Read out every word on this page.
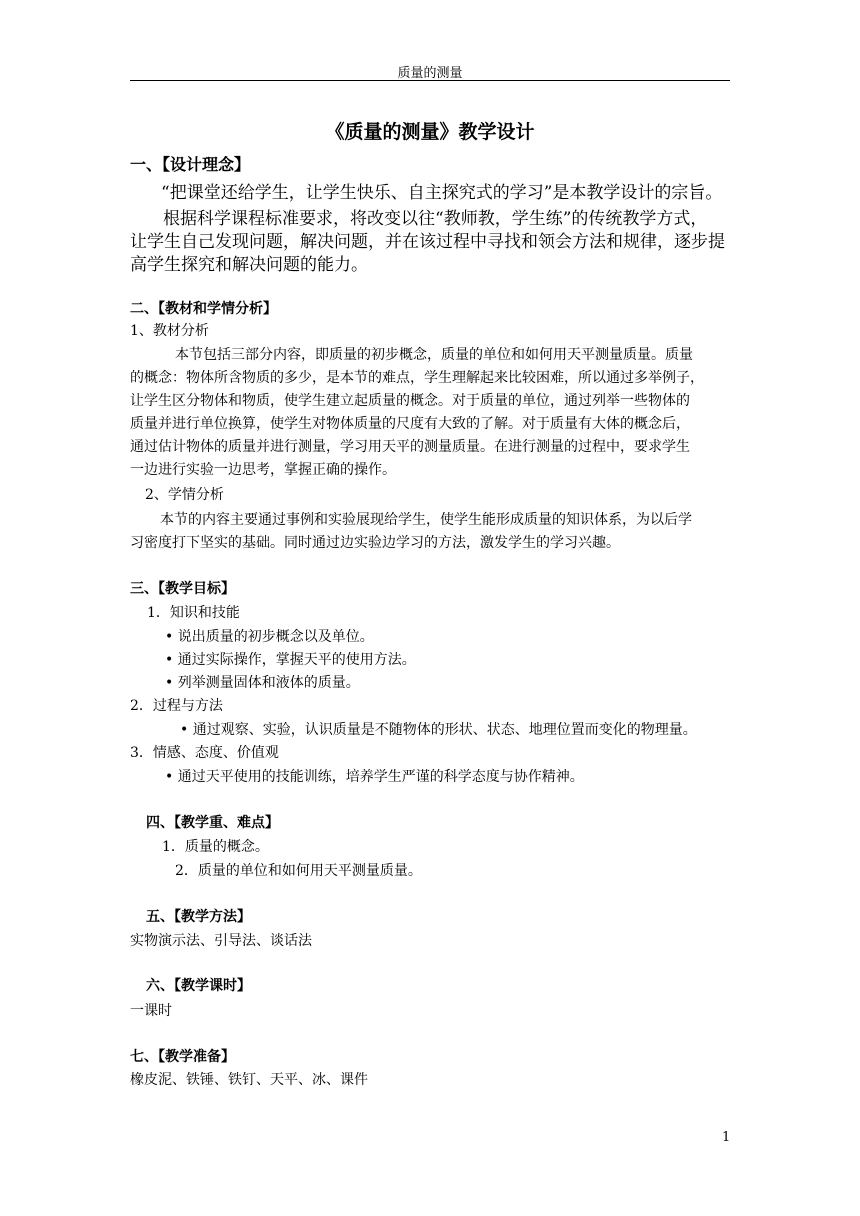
质量的测量
《质量的测量》教学设计
一、【设计理念】
“把课堂还给学生，让学生快乐、自主探究式的学习”是本教学设计的宗旨。
根据科学课程标准要求，将改变以往“教师教，学生练”的传统教学方式，
让学生自己发现问题，解决问题，并在该过程中寻找和领会方法和规律，逐步提
高学生探究和解决问题的能力。
二、【教材和学情分析】
1、教材分析
本节包括三部分内容，即质量的初步概念，质量的单位和如何用天平测量质量。质量
的概念：物体所含物质的多少，是本节的难点，学生理解起来比较困难，所以通过多举例子，
让学生区分物体和物质，使学生建立起质量的概念。对于质量的单位，通过列举一些物体的
质量并进行单位换算，使学生对物体质量的尺度有大致的了解。对于质量有大体的概念后，
通过估计物体的质量并进行测量，学习用天平的测量质量。在进行测量的过程中，要求学生
一边进行实验一边思考，掌握正确的操作。
2、学情分析
本节的内容主要通过事例和实验展现给学生，使学生能形成质量的知识体系，为以后学
习密度打下坚实的基础。同时通过边实验边学习的方法，激发学生的学习兴趣。
三、【教学目标】
1．知识和技能
• 说出质量的初步概念以及单位。
• 通过实际操作，掌握天平的使用方法。
• 列举测量固体和液体的质量。
2．过程与方法
• 通过观察、实验，认识质量是不随物体的形状、状态、地理位置而变化的物理量。
3．情感、态度、价值观
• 通过天平使用的技能训练，培养学生严谨的科学态度与协作精神。
四、【教学重、难点】
1．质量的概念。
2．质量的单位和如何用天平测量质量。
五、【教学方法】
实物演示法、引导法、谈话法
六、【教学课时】
一课时
七、【教学准备】
橡皮泥、铁锤、铁钉、天平、冰、课件
1
